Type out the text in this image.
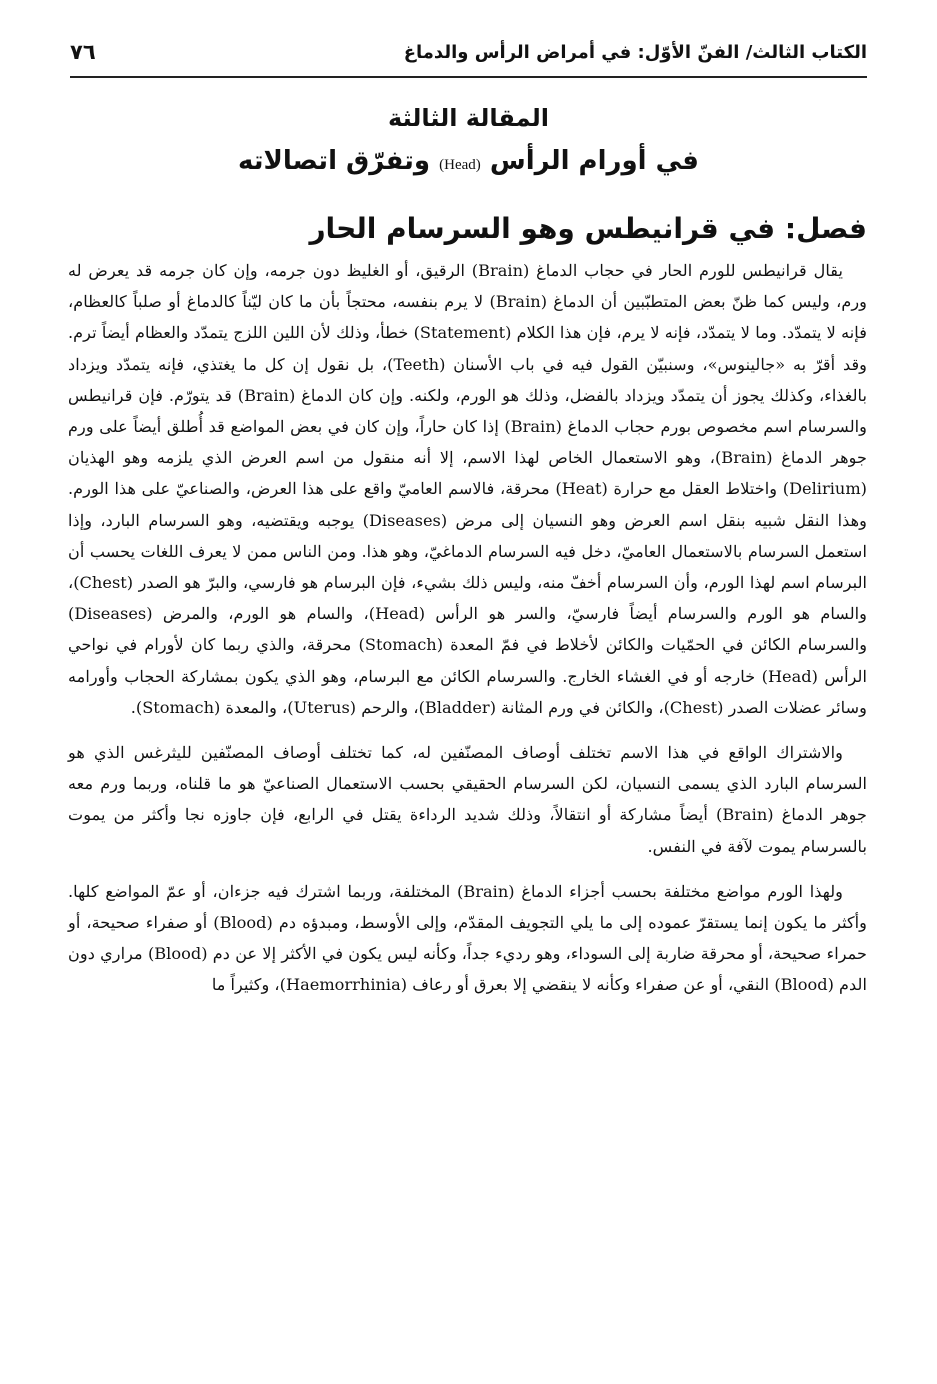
الكتاب الثالث/ الفنّ الأوّل: في أمراض الرأس والدماغ
٧٦

المقالة الثالثة

في أورام الرأس (Head) وتفرّق اتصالاته

فصل: في قرانيطس وهو السرسام الحار

يقال قرانيطس للورم الحار في حجاب الدماغ (Brain) الرقيق، أو الغليظ دون جرمه، وإن كان جرمه قد يعرض له ورم، وليس كما ظنّ بعض المتطبّبين أن الدماغ (Brain) لا يرم بنفسه، محتجاً بأن ما كان ليّناً كالدماغ أو صلباً كالعظام، فإنه لا يتمدّد. وما لا يتمدّد، فإنه لا يرم، فإن هذا الكلام (Statement) خطأ، وذلك لأن اللين اللزج يتمدّد والعظام أيضاً ترم. وقد أقرّ به «جالينوس»، وسنبيّن القول فيه في باب الأسنان (Teeth)، بل نقول إن كل ما يغتذي، فإنه يتمدّد ويزداد بالغذاء، وكذلك يجوز أن يتمدّد ويزداد بالفضل، وذلك هو الورم، ولكنه. وإن كان الدماغ (Brain) قد يتورّم. فإن قرانيطس والسرسام اسم مخصوص بورم حجاب الدماغ (Brain) إذا كان حاراً، وإن كان في بعض المواضع قد أُطلق أيضاً على ورم جوهر الدماغ (Brain)، وهو الاستعمال الخاص لهذا الاسم، إلا أنه منقول من اسم العرض الذي يلزمه وهو الهذيان (Delirium) واختلاط العقل مع حرارة (Heat) محرقة، فالاسم العاميّ واقع على هذا العرض، والصناعيّ على هذا الورم. وهذا النقل شبيه بنقل اسم العرض وهو النسيان إلى مرض (Diseases) يوجبه ويقتضيه، وهو السرسام البارد، وإذا استعمل السرسام بالاستعمال العاميّ، دخل فيه السرسام الدماغيّ، وهو هذا. ومن الناس ممن لا يعرف اللغات يحسب أن البرسام اسم لهذا الورم، وأن السرسام أخفّ منه، وليس ذلك بشيء، فإن البرسام هو فارسي، والبرّ هو الصدر (Chest)، والسام هو الورم والسرسام أيضاً فارسيّ، والسر هو الرأس (Head)، والسام هو الورم، والمرض (Diseases) والسرسام الكائن في الحمّيات والكائن لأخلاط في فمّ المعدة (Stomach) محرقة، والذي ربما كان لأورام في نواحي الرأس (Head) خارجه أو في الغشاء الخارج. والسرسام الكائن مع البرسام، وهو الذي يكون بمشاركة الحجاب وأورامه وسائر عضلات الصدر (Chest)، والكائن في ورم المثانة (Bladder)، والرحم (Uterus)، والمعدة (Stomach).

والاشتراك الواقع في هذا الاسم تختلف أوصاف المصنّفين له، كما تختلف أوصاف المصنّفين لليثرغس الذي هو السرسام البارد الذي يسمى النسيان، لكن السرسام الحقيقي بحسب الاستعمال الصناعيّ هو ما قلناه، وربما ورم معه جوهر الدماغ (Brain) أيضاً مشاركة أو انتقالاً، وذلك شديد الرداءة يقتل في الرابع، فإن جاوزه نجا وأكثر من يموت بالسرسام يموت لآفة في النفس.

ولهذا الورم مواضع مختلفة بحسب أجزاء الدماغ (Brain) المختلفة، وربما اشترك فيه جزءان، أو عمّ المواضع كلها. وأكثر ما يكون إنما يستقرّ عموده إلى ما يلي التجويف المقدّم، وإلى الأوسط، ومبدؤه دم (Blood) أو صفراء صحيحة، أو حمراء صحيحة، أو محرقة ضاربة إلى السوداء، وهو رديء جداً، وكأنه ليس يكون في الأكثر إلا عن دم (Blood) مراري دون الدم (Blood) النقي، أو عن صفراء وكأنه لا ينقضي إلا بعرق أو رعاف (Haemorrhinia)، وكثيراً ما
